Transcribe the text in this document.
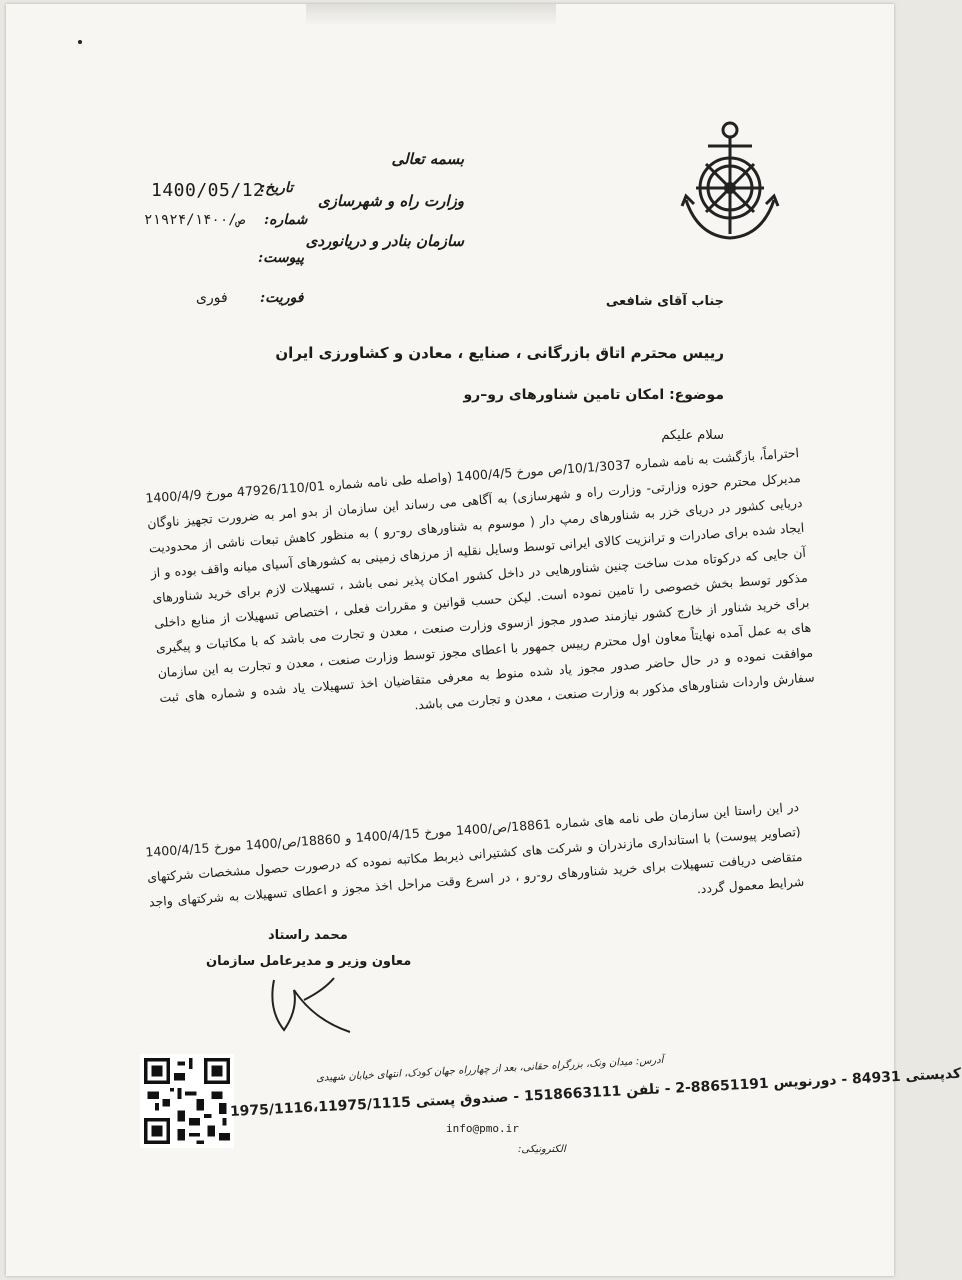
بسمه تعالی
وزارت راه و شهرسازی
سازمان بنادر و دریانوردی
تاریخ:
1400/05/12
شماره:
۲۱۹۲۴/ص/۱۴۰۰
پیوست:
فوریت:
فوری	جناب آقای شافعی
رییس محترم اتاق بازرگانی ، صنایع ، معادن و کشاورزی ایران
موضوع: امکان تامین شناورهای رو–رو
سلام علیکم
احتراماً، بازگشت به نامه شماره 10/1/3037/ص مورخ 1400/4/5 (واصله طی نامه شماره 47926/110/01 مورخ 1400/4/9 مدیرکل محترم حوزه وزارتی- وزارت راه و شهرسازی) به آگاهی می رساند این سازمان از بدو امر به ضرورت تجهیز ناوگان دریایی کشور در دریای خزر به شناورهای رمپ دار ( موسوم به شناورهای رو-رو ) به منظور کاهش تبعات ناشی از محدودیت ایجاد شده برای صادرات و ترانزیت کالای ایرانی توسط وسایل نقلیه از مرزهای زمینی به کشورهای آسیای میانه واقف بوده و از آن جایی که درکوتاه مدت ساخت چنین شناورهایی در داخل کشور امکان پذیر نمی باشد ، تسهیلات لازم برای خرید شناورهای مذکور توسط بخش خصوصی را تامین نموده است. لیکن حسب قوانین و مقررات فعلی ، اختصاص تسهیلات از منابع داخلی برای خرید شناور از خارج کشور نیازمند صدور مجوز ازسوی وزارت صنعت ، معدن و تجارت می باشد که با مکاتبات و پیگیری های به عمل آمده نهایتاً معاون اول محترم رییس جمهور با اعطای مجوز توسط وزارت صنعت ، معدن و تجارت به این سازمان موافقت نموده و در حال حاضر صدور مجوز یاد شده منوط به معرفی متقاضیان اخذ تسهیلات یاد شده و شماره های ثبت سفارش واردات شناورهای مذکور به وزارت صنعت ، معدن و تجارت می باشد.
در این راستا این سازمان طی نامه های شماره 18861/ص/1400 مورخ 1400/4/15 و 18860/ص/1400 مورخ 1400/4/15 (تصاویر پیوست) با استانداری مازندران و شرکت های کشتیرانی ذیربط مکاتبه نموده که درصورت حصول مشخصات شرکتهای متقاضی دریافت تسهیلات برای خرید شناورهای رو-رو ، در اسرع وقت مراحل اخذ مجوز و اعطای تسهیلات به شرکتهای واجد شرایط معمول گردد.
محمد راستاد
معاون وزیر و مدیرعامل سازمان
آدرس: میدان ونک، بزرگراه حقانی، بعد از چهارراه جهان کودک، انتهای خیابان شهیدی
کدپستی 84931 - دورنویس 88651191-2 - تلفن 1518663111 - صندوق پستی 1975/1116،11975/1115
info@pmo.ir
الکترونیکی:
